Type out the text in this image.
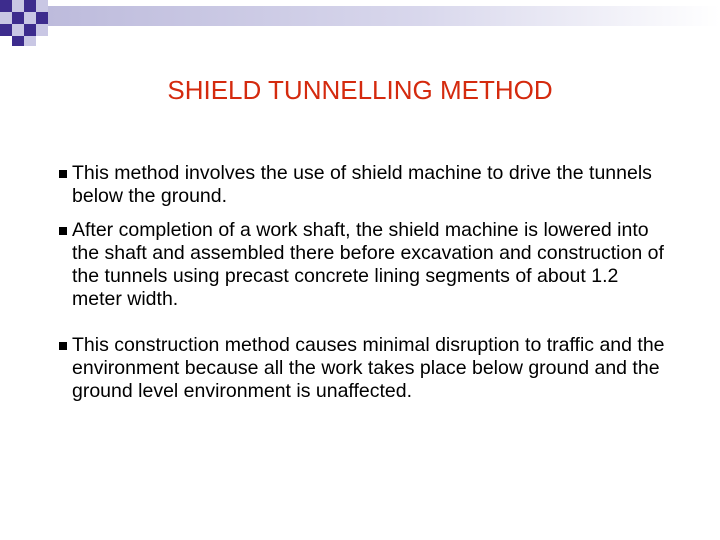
SHIELD TUNNELLING METHOD

This method involves the use of shield machine to drive the tunnels below the ground.

After completion of a work shaft, the shield machine is lowered into the shaft and assembled there before excavation and construction of the tunnels using precast concrete lining segments of about 1.2 meter width.

This construction method causes minimal disruption to traffic and the environment because all the work takes place below ground and the ground level environment is unaffected.
